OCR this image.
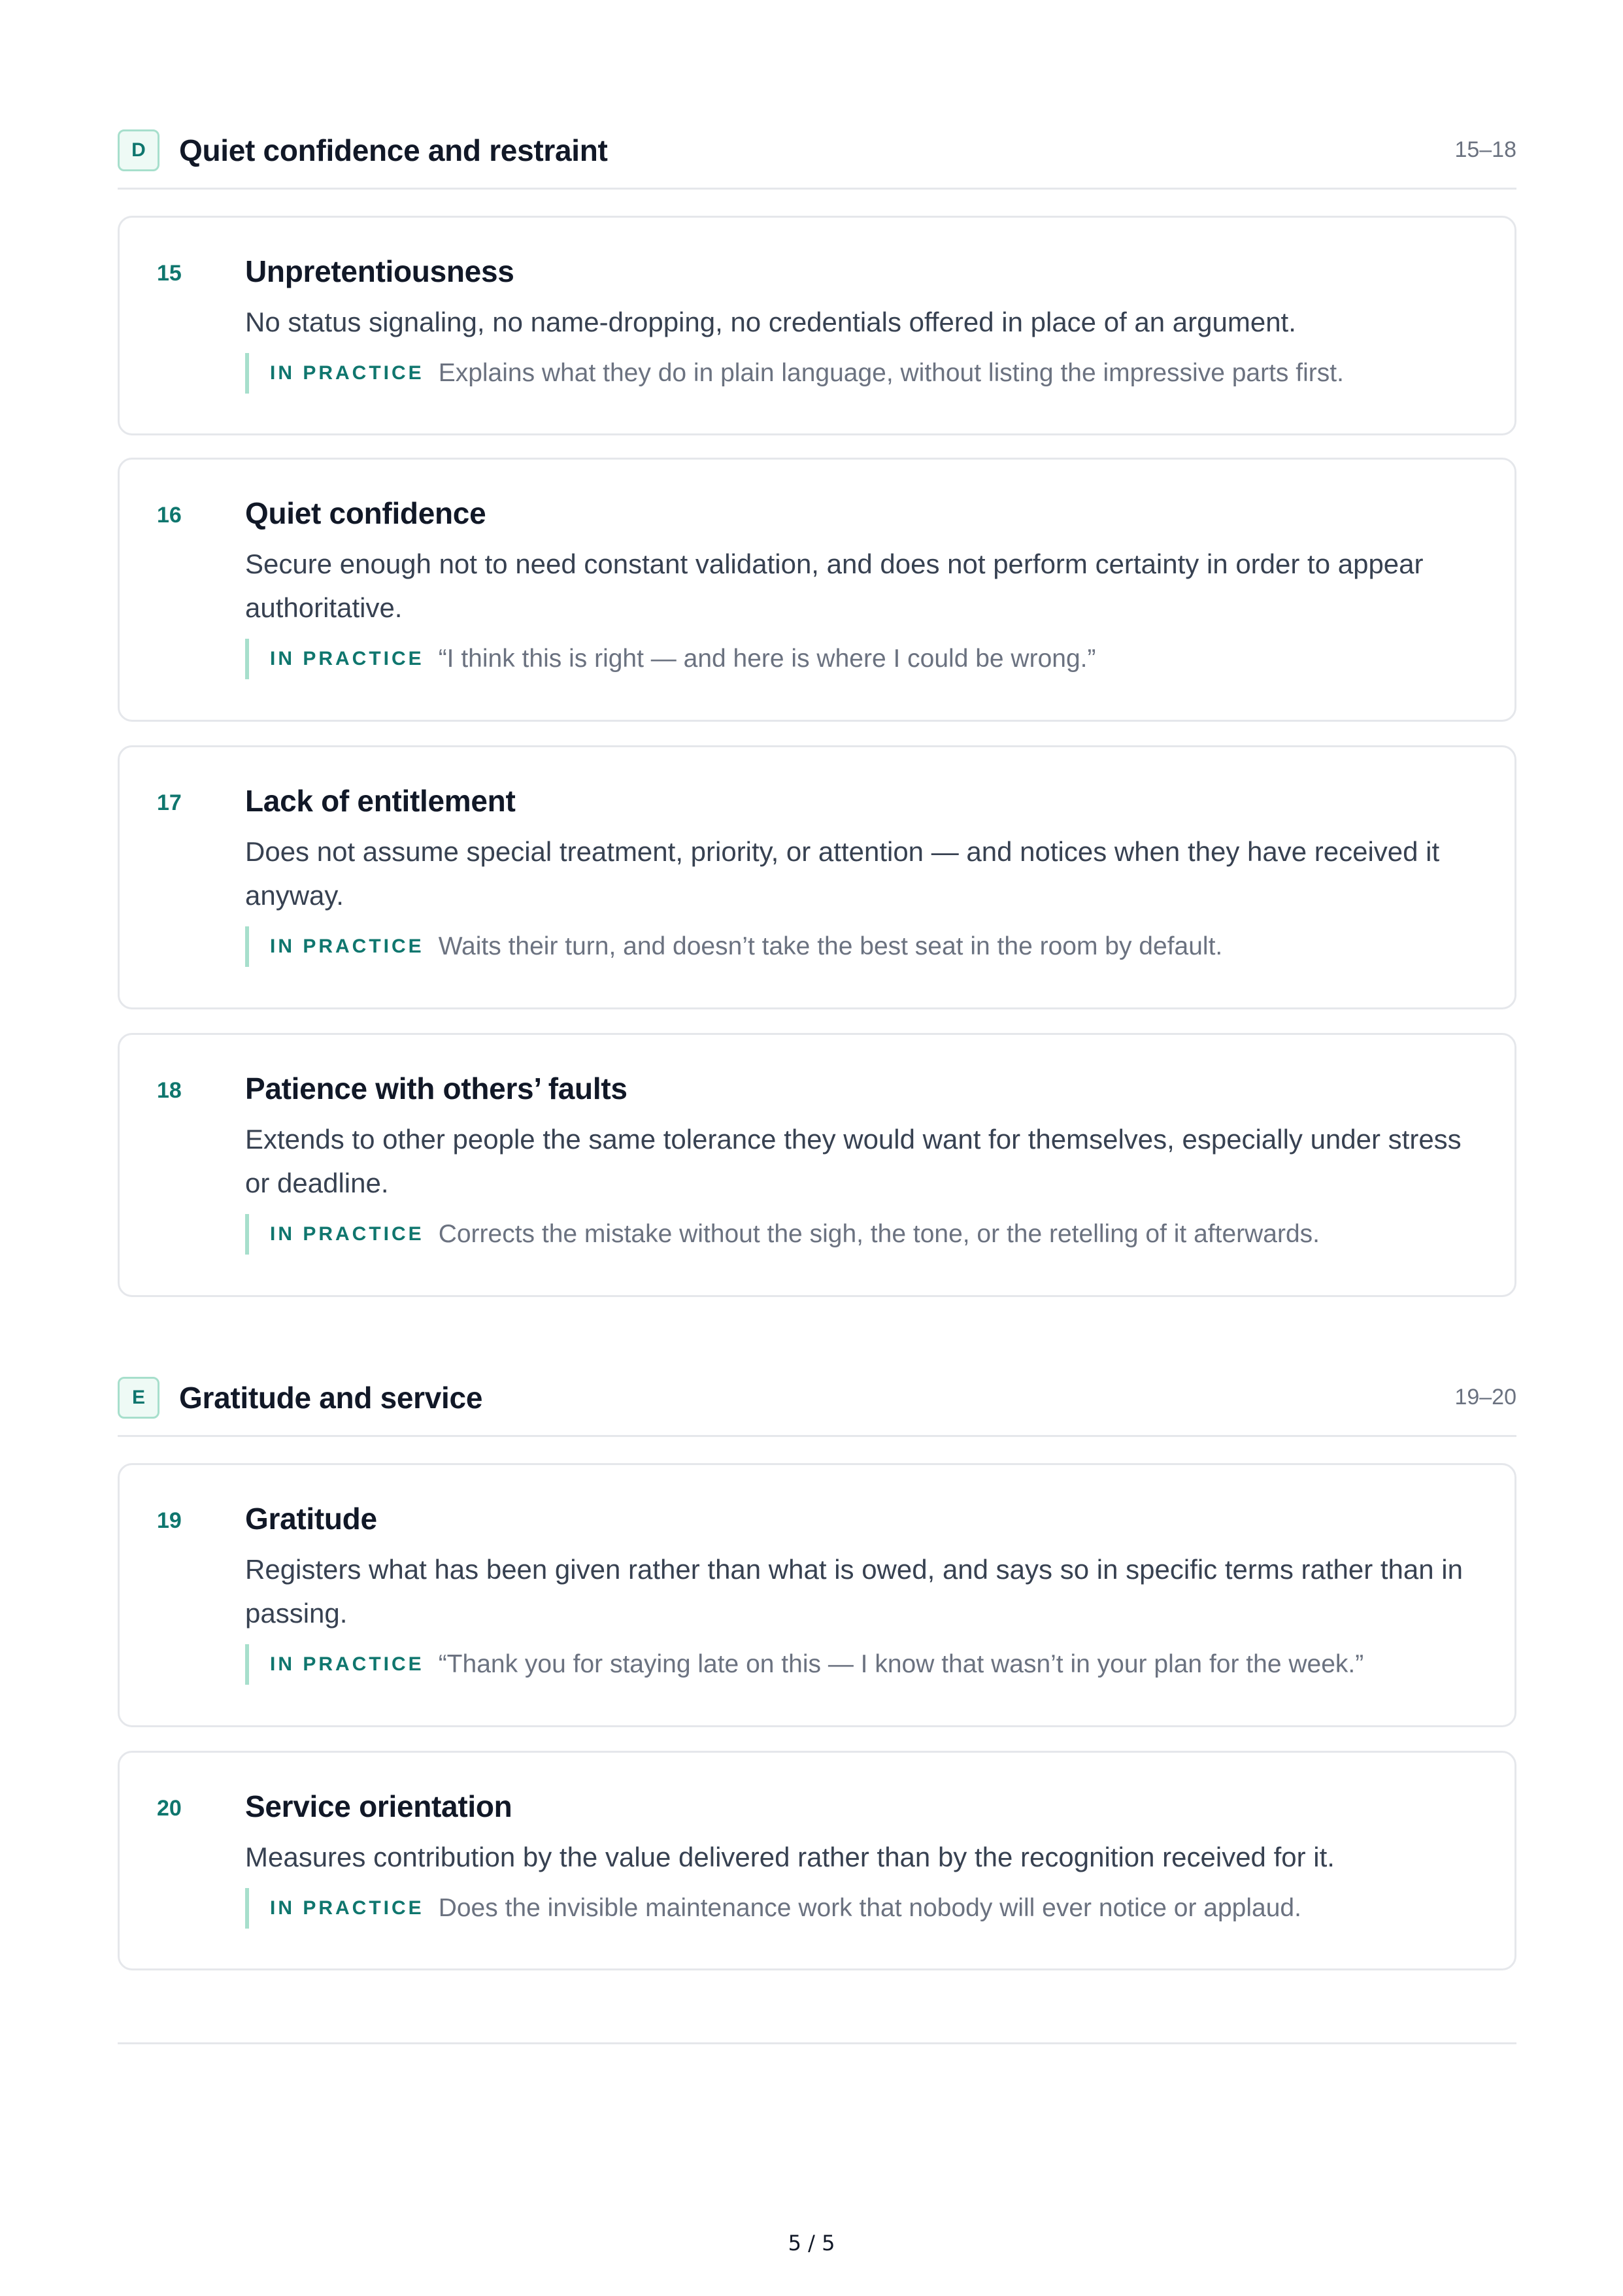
D	Quiet confidence and restraint	15–18
15 Unpretentiousness
No status signaling, no name-dropping, no credentials offered in place of an argument.
IN PRACTICE Explains what they do in plain language, without listing the impressive parts first.
16 Quiet confidence
Secure enough not to need constant validation, and does not perform certainty in order to appear authoritative.
IN PRACTICE “I think this is right — and here is where I could be wrong.”
17 Lack of entitlement
Does not assume special treatment, priority, or attention — and notices when they have received it anyway.
IN PRACTICE Waits their turn, and doesn’t take the best seat in the room by default.
18 Patience with others’ faults
Extends to other people the same tolerance they would want for themselves, especially under stress or deadline.
IN PRACTICE Corrects the mistake without the sigh, the tone, or the retelling of it afterwards.
E	Gratitude and service	19–20
19 Gratitude
Registers what has been given rather than what is owed, and says so in specific terms rather than in passing.
IN PRACTICE “Thank you for staying late on this — I know that wasn’t in your plan for the week.”
20 Service orientation
Measures contribution by the value delivered rather than by the recognition received for it.
IN PRACTICE Does the invisible maintenance work that nobody will ever notice or applaud.
5 / 5
